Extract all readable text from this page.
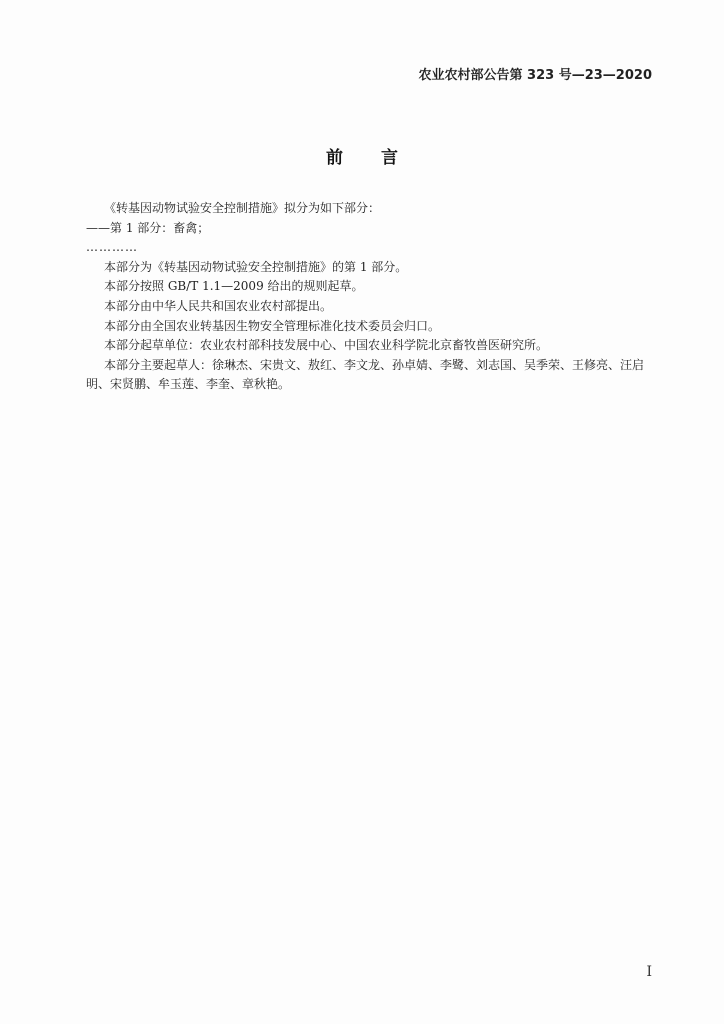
农业农村部公告第 323 号—23—2020
前言

《转基因动物试验安全控制措施》拟分为如下部分：

——第 1 部分：畜禽；

…………

本部分为《转基因动物试验安全控制措施》的第 1 部分。

本部分按照 GB/T 1.1—2009 给出的规则起草。

本部分由中华人民共和国农业农村部提出。

本部分由全国农业转基因生物安全管理标准化技术委员会归口。

本部分起草单位：农业农村部科技发展中心、中国农业科学院北京畜牧兽医研究所。

本部分主要起草人：徐琳杰、宋贵文、敖红、李文龙、孙卓婧、李鹭、刘志国、吴季荣、王修亮、汪启明、宋贤鹏、牟玉莲、李奎、章秋艳。

I
